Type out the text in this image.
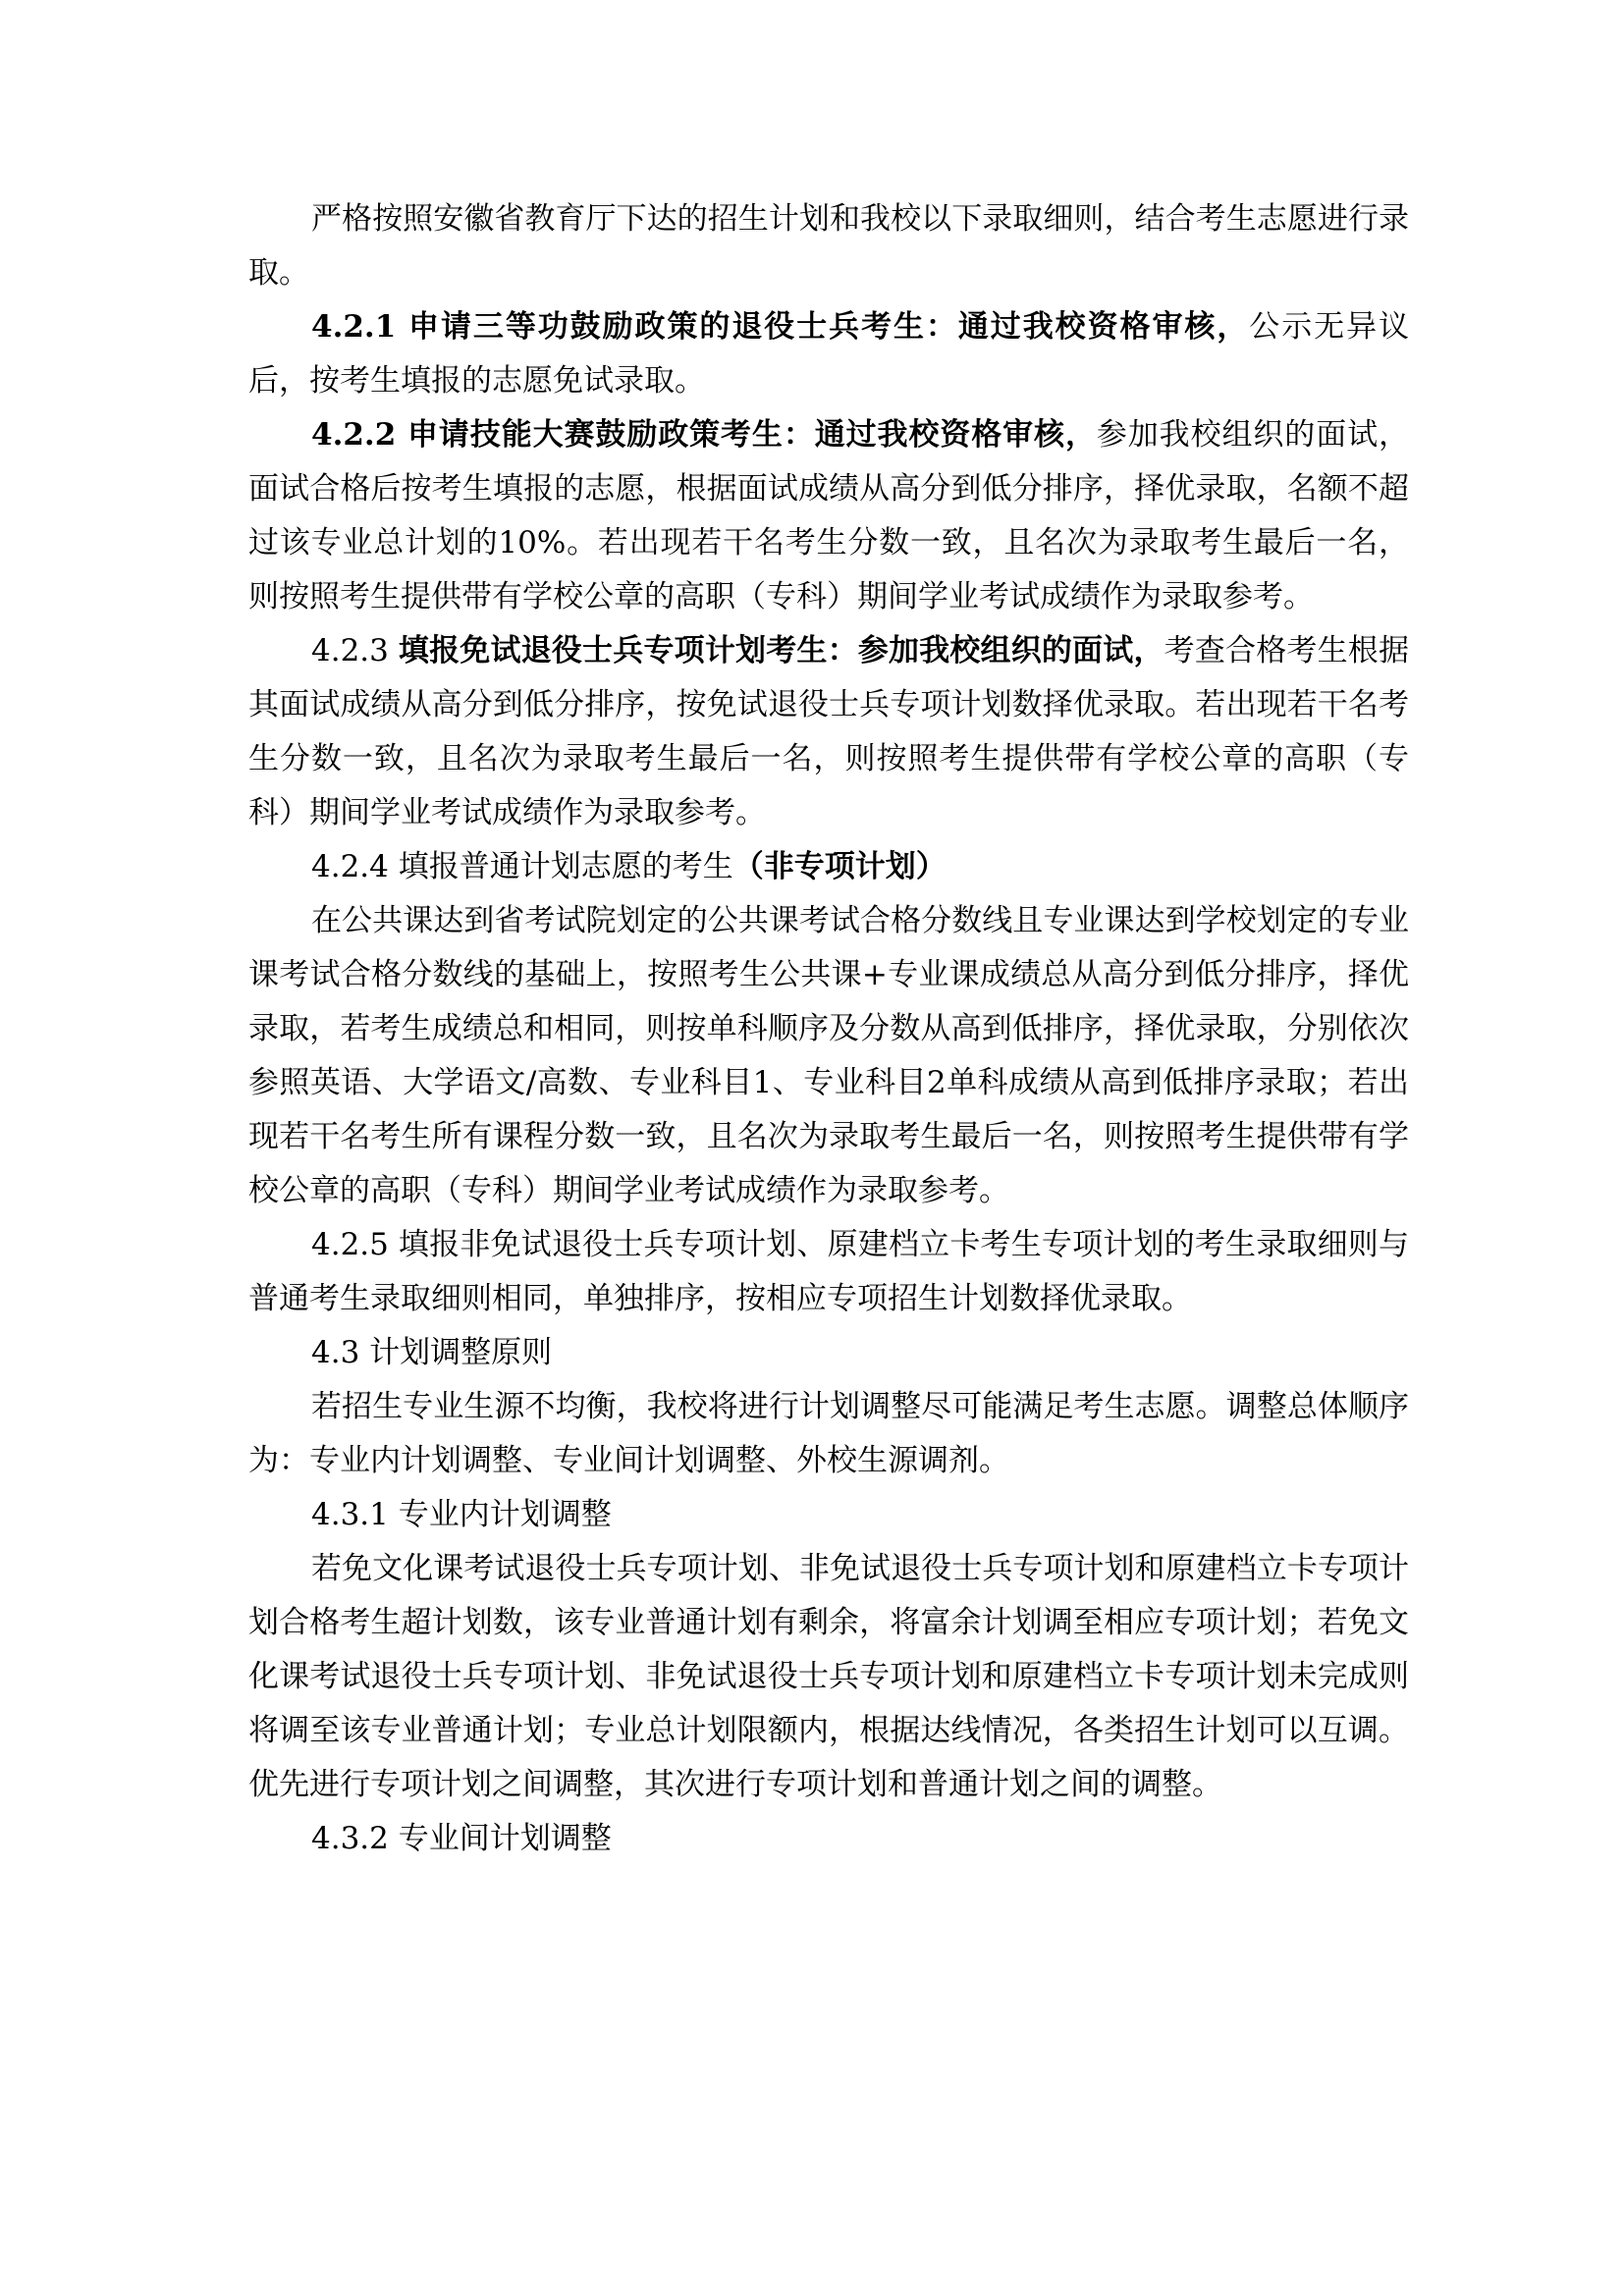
严格按照安徽省教育厅下达的招生计划和我校以下录取细则，结合考生志愿进行录取。

4.2.1 申请三等功鼓励政策的退役士兵考生：通过我校资格审核，公示无异议后，按考生填报的志愿免试录取。

4.2.2 申请技能大赛鼓励政策考生：通过我校资格审核，参加我校组织的面试，面试合格后按考生填报的志愿，根据面试成绩从高分到低分排序，择优录取，名额不超过该专业总计划的10%。若出现若干名考生分数一致，且名次为录取考生最后一名，则按照考生提供带有学校公章的高职（专科）期间学业考试成绩作为录取参考。

4.2.3 填报免试退役士兵专项计划考生：参加我校组织的面试，考查合格考生根据其面试成绩从高分到低分排序，按免试退役士兵专项计划数择优录取。若出现若干名考生分数一致，且名次为录取考生最后一名，则按照考生提供带有学校公章的高职（专科）期间学业考试成绩作为录取参考。

4.2.4 填报普通计划志愿的考生（非专项计划）

在公共课达到省考试院划定的公共课考试合格分数线且专业课达到学校划定的专业课考试合格分数线的基础上，按照考生公共课+专业课成绩总从高分到低分排序，择优录取，若考生成绩总和相同，则按单科顺序及分数从高到低排序，择优录取，分别依次参照英语、大学语文/高数、专业科目1、专业科目2单科成绩从高到低排序录取；若出现若干名考生所有课程分数一致，且名次为录取考生最后一名，则按照考生提供带有学校公章的高职（专科）期间学业考试成绩作为录取参考。

4.2.5 填报非免试退役士兵专项计划、原建档立卡考生专项计划的考生录取细则与普通考生录取细则相同，单独排序，按相应专项招生计划数择优录取。

4.3 计划调整原则

若招生专业生源不均衡，我校将进行计划调整尽可能满足考生志愿。调整总体顺序为：专业内计划调整、专业间计划调整、外校生源调剂。

4.3.1 专业内计划调整

若免文化课考试退役士兵专项计划、非免试退役士兵专项计划和原建档立卡专项计划合格考生超计划数，该专业普通计划有剩余，将富余计划调至相应专项计划；若免文化课考试退役士兵专项计划、非免试退役士兵专项计划和原建档立卡专项计划未完成则将调至该专业普通计划；专业总计划限额内，根据达线情况，各类招生计划可以互调。优先进行专项计划之间调整，其次进行专项计划和普通计划之间的调整。

4.3.2 专业间计划调整
